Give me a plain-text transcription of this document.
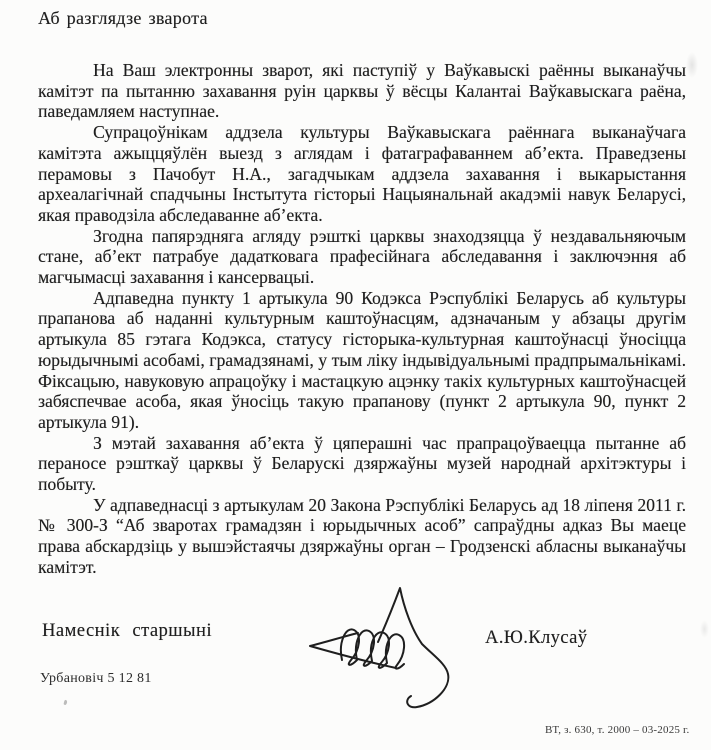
Аб разглядзе зварота

На Ваш электронны зварот, які паступіў у Ваўкавыскі раённы выканаўчы камітэт па пытанню захавання руін царквы ў вёсцы Калантаі Ваўкавыскага раёна, паведамляем наступнае.

Супрацоўнікам аддзела культуры Ваўкавыскага раённага выканаўчага камітэта ажыццяўлён выезд з аглядам і фатаграфаваннем аб’екта. Праведзены перамовы з Пачобут Н.А., загадчыкам аддзела захавання і выкарыстання археалагічнай спадчыны Інстытута гісторыі Нацыянальнай акадэміі навук Беларусі, якая праводзіла абследаванне аб’екта.

Згодна папярэдняга агляду рэшткі царквы знаходзяцца ў нездавальняючым стане, аб’ект патрабуе дадатковага прафесійнага абследавання і заключэння аб магчымасці захавання і кансервацыі.

Адпаведна пункту 1 артыкула 90 Кодэкса Рэспублікі Беларусь аб культуры прапанова аб наданні культурным каштоўнасцям, адзначаным у абзацы другім артыкула 85 гэтага Кодэкса, статусу гісторыка-культурная каштоўнасці ўносіцца юрыдычнымі асобамі, грамадзянамі, у тым ліку індывідуальнымі прадпрымальнікамі. Фіксацыю, навуковую апрацоўку і мастацкую ацэнку такіх культурных каштоўнасцей забяспечвае асоба, якая ўносіць такую прапанову (пункт 2 артыкула 90, пункт 2 артыкула 91).

З мэтай захавання аб’екта ў цяперашні час прапрацоўваецца пытанне аб пераносе рэшткаў царквы ў Беларускі дзяржаўны музей народнай архітэктуры і побыту.

У адпаведнасці з артыкулам 20 Закона Рэспублікі Беларусь ад 18 ліпеня 2011 г. № 300-З “Аб зваротах грамадзян і юрыдычных асоб” сапраўдны адказ Вы маеце права абскардзіць у вышэйстаячы дзяржаўны орган – Гродзенскі абласны выканаўчы камітэт.

Намеснік старшыні	А.Ю.Клусаў
Урбановіч 5 12 81
ВТ, з. 630, т. 2000 – 03-2025 г.
